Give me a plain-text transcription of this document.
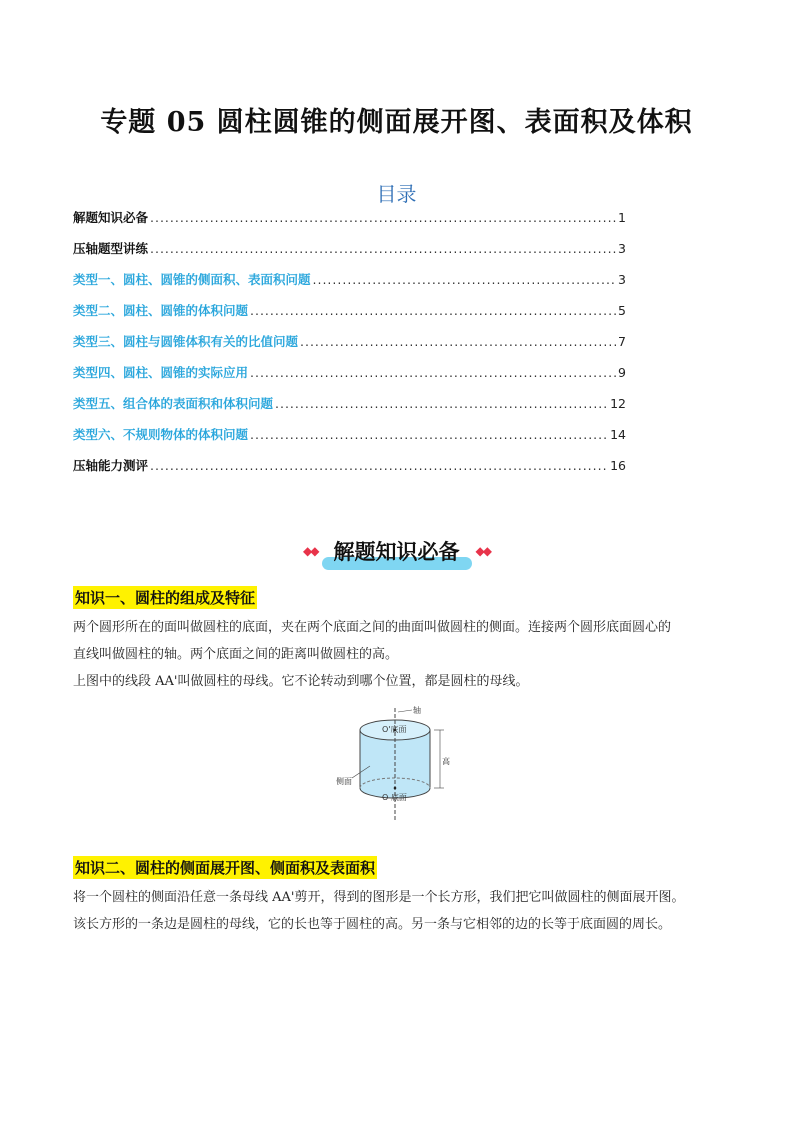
专题 05 圆柱圆锥的侧面展开图、表面积及体积
目录
解题知识必备 .....	1
压轴题型讲练 .....	3
类型一、圆柱、圆锥的侧面积、表面积问题 .....	3
类型二、圆柱、圆锥的体积问题 .....	5
类型三、圆柱与圆锥体积有关的比值问题 .....	7
类型四、圆柱、圆锥的实际应用 .....	9
类型五、组合体的表面积和体积问题 .....	12
类型六、不规则物体的体积问题 .....	14
压轴能力测评 .....	16
◆◆ 解题知识必备	◆◆
知识一、圆柱的组成及特征
两个圆形所在的面叫做圆柱的底面，夹在两个底面之间的曲面叫做圆柱的侧面。连接两个圆形底面圆心的
直线叫做圆柱的轴。两个底面之间的距离叫做圆柱的高。
上图中的线段 AA'叫做圆柱的母线。它不论转动到哪个位置，都是圆柱的母线。
轴
O'底面
O 底面
高
侧面
知识二、圆柱的侧面展开图、侧面积及表面积
将一个圆柱的侧面沿任意一条母线 AA'剪开，得到的图形是一个长方形，我们把它叫做圆柱的侧面展开图。
该长方形的一条边是圆柱的母线，它的长也等于圆柱的高。另一条与它相邻的边的长等于底面圆的周长。
